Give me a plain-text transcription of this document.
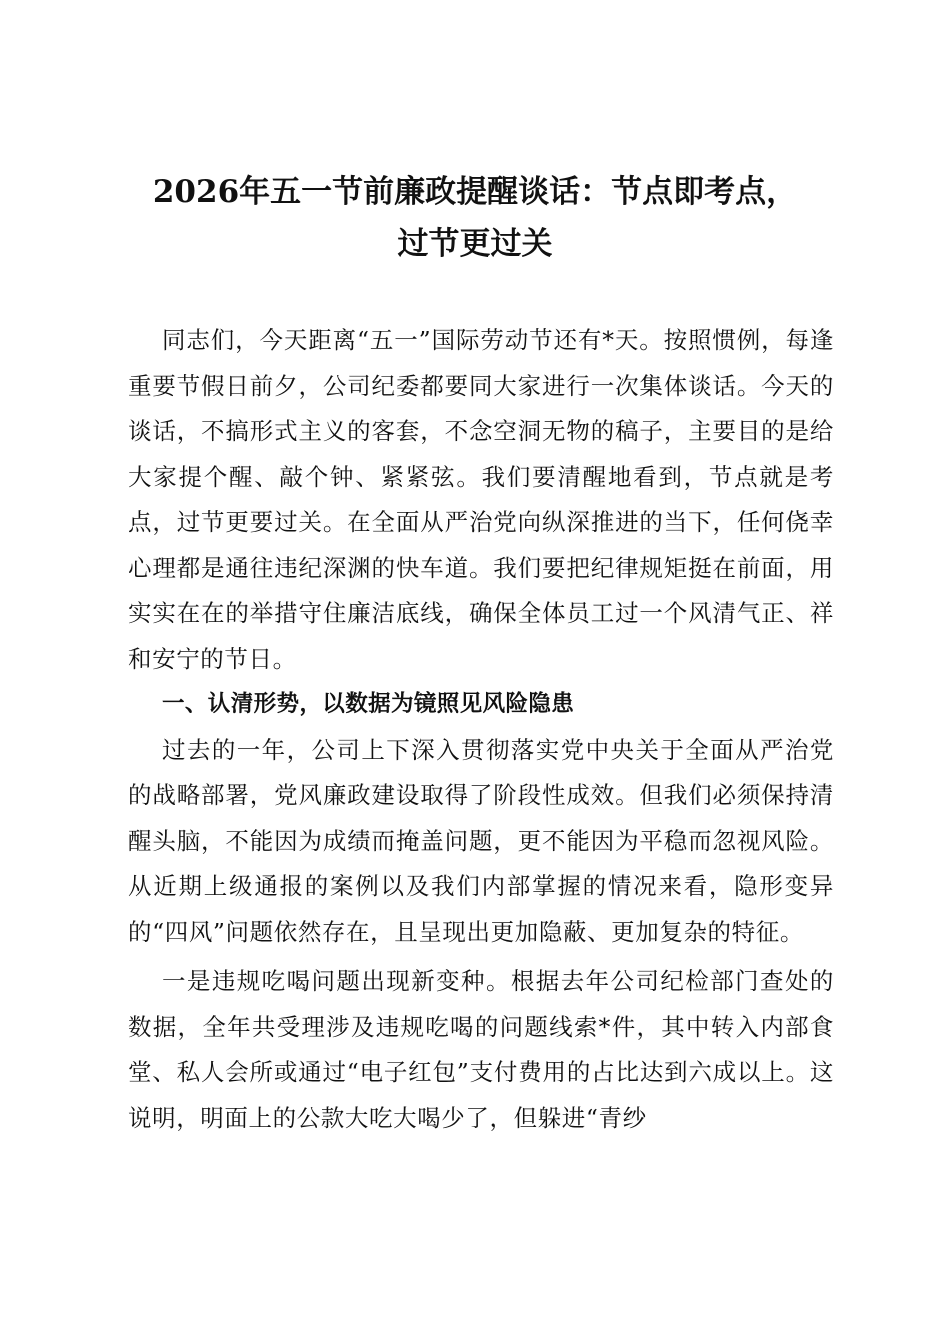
2026年五一节前廉政提醒谈话：节点即考点，
过节更过关

同志们，今天距离“五一”国际劳动节还有*天。按照惯例，每逢重要节假日前夕，公司纪委都要同大家进行一次集体谈话。今天的谈话，不搞形式主义的客套，不念空洞无物的稿子，主要目的是给大家提个醒、敲个钟、紧紧弦。我们要清醒地看到，节点就是考点，过节更要过关。在全面从严治党向纵深推进的当下，任何侥幸心理都是通往违纪深渊的快车道。我们要把纪律规矩挺在前面，用实实在在的举措守住廉洁底线，确保全体员工过一个风清气正、祥和安宁的节日。

一、认清形势，以数据为镜照见风险隐患

过去的一年，公司上下深入贯彻落实党中央关于全面从严治党的战略部署，党风廉政建设取得了阶段性成效。但我们必须保持清醒头脑，不能因为成绩而掩盖问题，更不能因为平稳而忽视风险。从近期上级通报的案例以及我们内部掌握的情况来看，隐形变异的“四风”问题依然存在，且呈现出更加隐蔽、更加复杂的特征。

一是违规吃喝问题出现新变种。根据去年公司纪检部门查处的数据，全年共受理涉及违规吃喝的问题线索*件，其中转入内部食堂、私人会所或通过“电子红包”支付费用的占比达到六成以上。这说明，明面上的公款大吃大喝少了，但躲进“青纱
